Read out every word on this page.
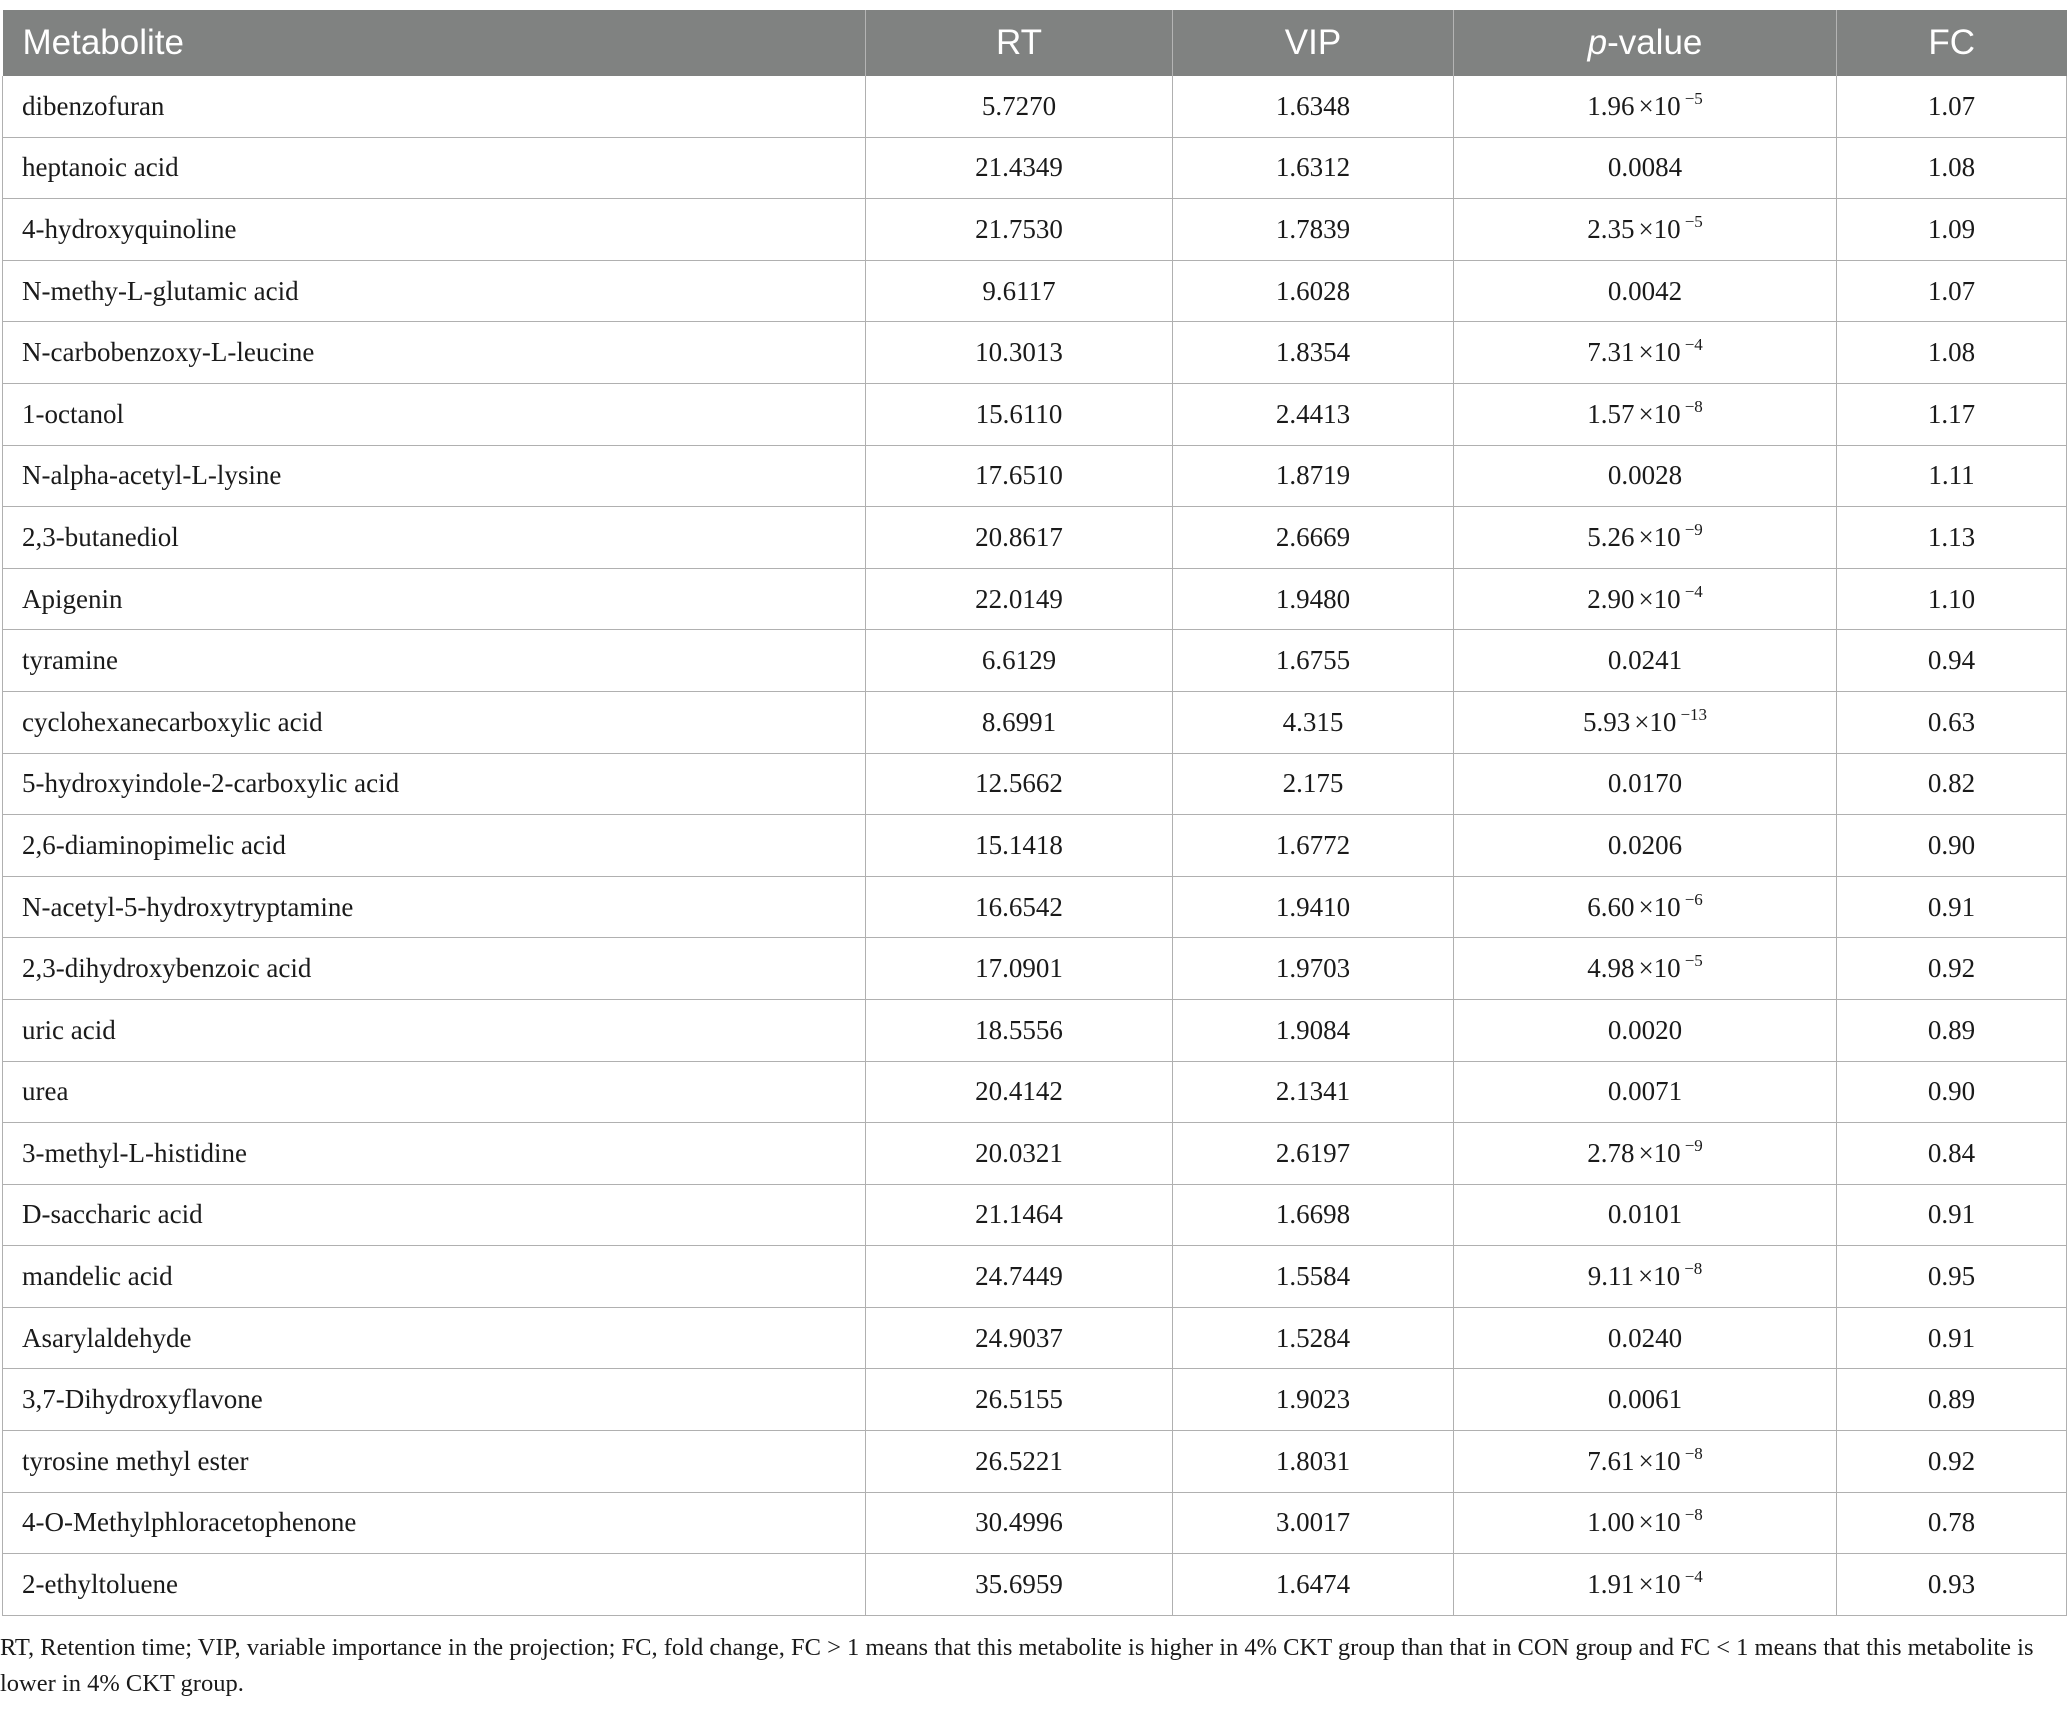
Metabolite	RT	VIP	p-value	FC
dibenzofuran	5.7270	1.6348	1.96 ×10 $^{-5}$	1.07
heptanoic acid	21.4349	1.6312	0.0084	1.08
4-hydroxyquinoline	21.7530	1.7839	2.35 ×10 $^{-5}$	1.09
N-methy-L-glutamic acid	9.6117	1.6028	0.0042	1.07
N-carbobenzoxy-L-leucine	10.3013	1.8354	7.31 ×10 $^{-4}$	1.08
1-octanol	15.6110	2.4413	1.57 ×10 $^{-8}$	1.17
N-alpha-acetyl-L-lysine	17.6510	1.8719	0.0028	1.11
2,3-butanediol	20.8617	2.6669	5.26 ×10 $^{-9}$	1.13
Apigenin	22.0149	1.9480	2.90 ×10 $^{-4}$	1.10
tyramine	6.6129	1.6755	0.0241	0.94
cyclohexanecarboxylic acid	8.6991	4.315	5.93 ×10 $^{-13}$	0.63
5-hydroxyindole-2-carboxylic acid	12.5662	2.175	0.0170	0.82
2,6-diaminopimelic acid	15.1418	1.6772	0.0206	0.90
N-acetyl-5-hydroxytryptamine	16.6542	1.9410	6.60 ×10 $^{-6}$	0.91
2,3-dihydroxybenzoic acid	17.0901	1.9703	4.98 ×10 $^{-5}$	0.92
uric acid	18.5556	1.9084	0.0020	0.89
urea	20.4142	2.1341	0.0071	0.90
3-methyl-L-histidine	20.0321	2.6197	2.78 ×10 $^{-9}$	0.84
D-saccharic acid	21.1464	1.6698	0.0101	0.91
mandelic acid	24.7449	1.5584	9.11 ×10 $^{-8}$	0.95
Asarylaldehyde	24.9037	1.5284	0.0240	0.91
3,7-Dihydroxyflavone	26.5155	1.9023	0.0061	0.89
tyrosine methyl ester	26.5221	1.8031	7.61 ×10 $^{-8}$	0.92
4-O-Methylphloracetophenone	30.4996	3.0017	1.00 ×10 $^{-8}$	0.78
2-ethyltoluene	35.6959	1.6474	1.91 ×10 $^{-4}$	0.93
RT, Retention time; VIP, variable importance in the projection; FC, fold change, FC > 1 means that this metabolite is higher in 4% CKT group than that in CON group and FC < 1 means that this metabolite is lower in 4% CKT group.
